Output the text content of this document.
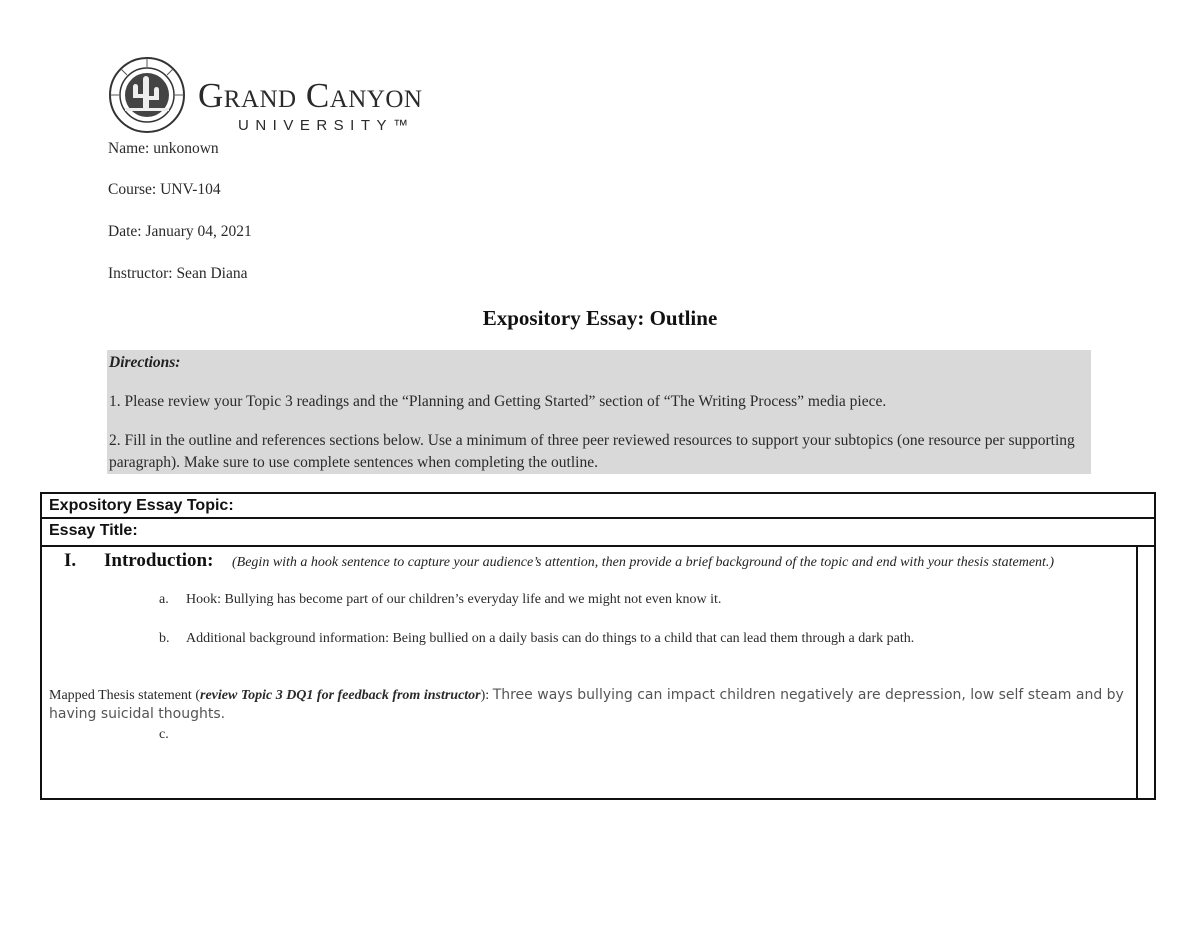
Grand Canyon
UNIVERSITY™
Name: unkonown
Course: UNV-104
Date: January 04, 2021
Instructor: Sean Diana
Expository Essay: Outline
Directions:
1. Please review your Topic 3 readings and the “Planning and Getting Started” section of “The Writing Process” media piece.
2. Fill in the outline and references sections below. Use a minimum of three peer reviewed resources to support your subtopics (one resource per supporting paragraph). Make sure to use complete sentences when completing the outline.
Expository Essay Topic:
Essay Title:
I. Introduction:	(Begin with a hook sentence to capture your audience’s attention, then provide a brief background of the topic and end with your thesis statement.)
a. Hook: Bullying has become part of our children’s everyday life and we might not even know it.
b. Additional background information: Being bullied on a daily basis can do things to a child that can lead them through a dark path.
Mapped Thesis statement (review Topic 3 DQ1 for feedback from instructor): Three ways bullying can impact children negatively are depression, low self steam and by having suicidal thoughts.
c.
